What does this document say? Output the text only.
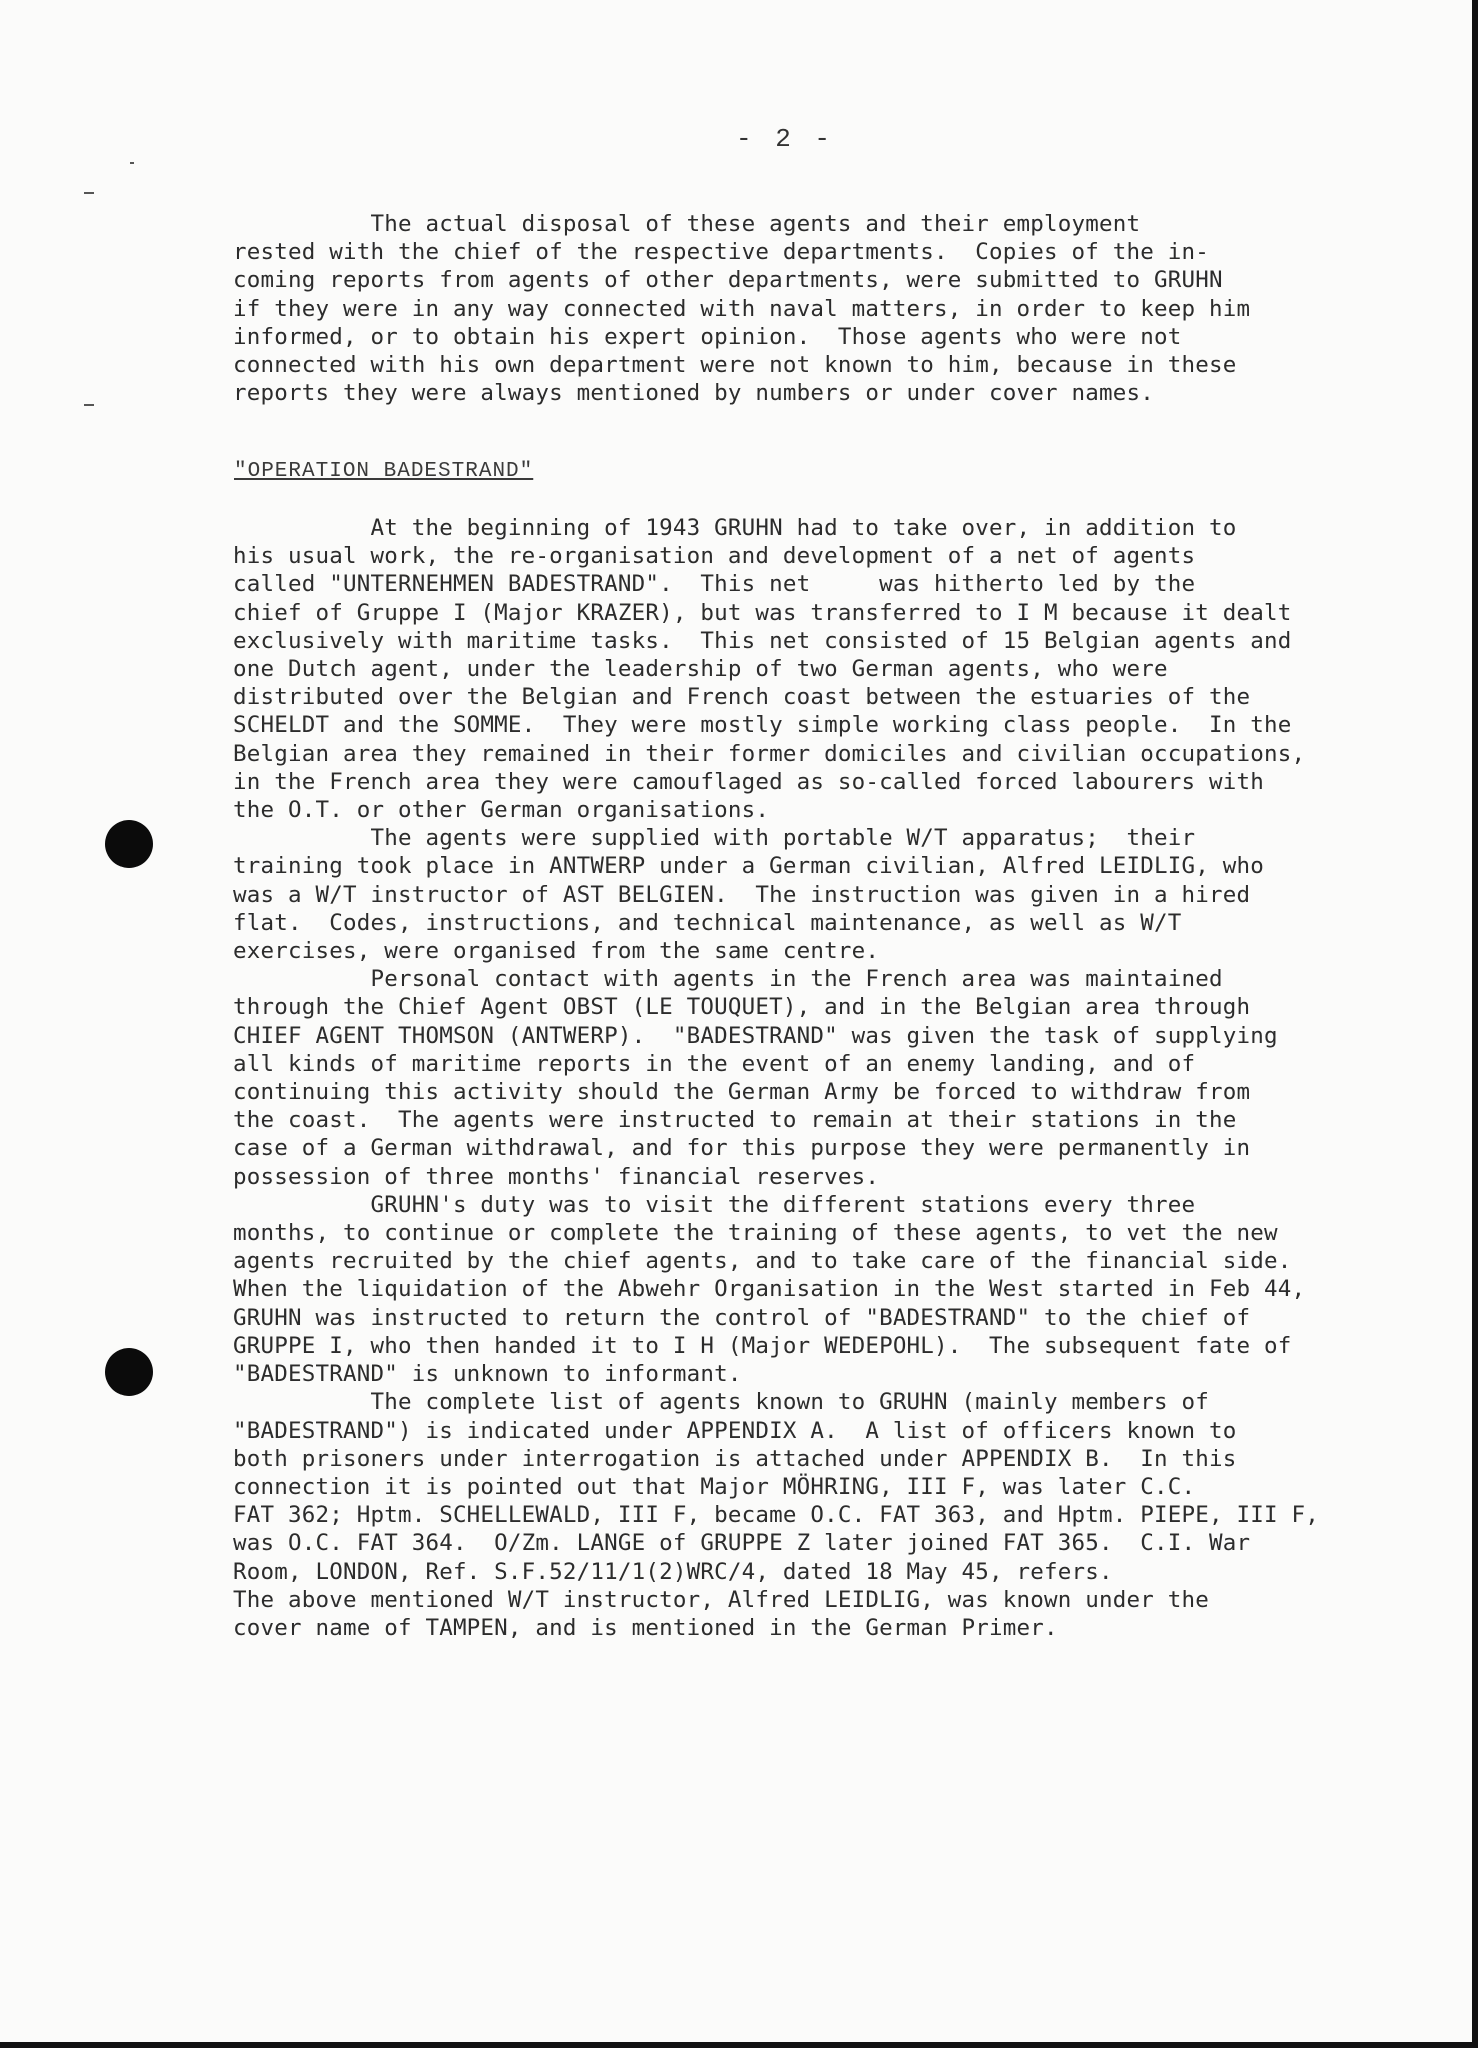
- 2 -
The actual disposal of these agents and their employment
rested with the chief of the respective departments.  Copies of the in-
coming reports from agents of other departments, were submitted to GRUHN
if they were in any way connected with naval matters, in order to keep him
informed, or to obtain his expert opinion.  Those agents who were not
connected with his own department were not known to him, because in these
reports they were always mentioned by numbers or under cover names.
"OPERATION BADESTRAND"
At the beginning of 1943 GRUHN had to take over, in addition to
his usual work, the re-organisation and development of a net of agents
called "UNTERNEHMEN BADESTRAND".  This net     was hitherto led by the
chief of Gruppe I (Major KRAZER), but was transferred to I M because it dealt
exclusively with maritime tasks.  This net consisted of 15 Belgian agents and
one Dutch agent, under the leadership of two German agents, who were
distributed over the Belgian and French coast between the estuaries of the
SCHELDT and the SOMME.  They were mostly simple working class people.  In the
Belgian area they remained in their former domiciles and civilian occupations,
in the French area they were camouflaged as so-called forced labourers with
the O.T. or other German organisations.
The agents were supplied with portable W/T apparatus;  their
training took place in ANTWERP under a German civilian, Alfred LEIDLIG, who
was a W/T instructor of AST BELGIEN.  The instruction was given in a hired
flat.  Codes, instructions, and technical maintenance, as well as W/T
exercises, were organised from the same centre.
Personal contact with agents in the French area was maintained
through the Chief Agent OBST (LE TOUQUET), and in the Belgian area through
CHIEF AGENT THOMSON (ANTWERP).  "BADESTRAND" was given the task of supplying
all kinds of maritime reports in the event of an enemy landing, and of
continuing this activity should the German Army be forced to withdraw from
the coast.  The agents were instructed to remain at their stations in the
case of a German withdrawal, and for this purpose they were permanently in
possession of three months' financial reserves.
GRUHN's duty was to visit the different stations every three
months, to continue or complete the training of these agents, to vet the new
agents recruited by the chief agents, and to take care of the financial side.
When the liquidation of the Abwehr Organisation in the West started in Feb 44,
GRUHN was instructed to return the control of "BADESTRAND" to the chief of
GRUPPE I, who then handed it to I H (Major WEDEPOHL).  The subsequent fate of
"BADESTRAND" is unknown to informant.
The complete list of agents known to GRUHN (mainly members of
"BADESTRAND") is indicated under APPENDIX A.  A list of officers known to
both prisoners under interrogation is attached under APPENDIX B.  In this
connection it is pointed out that Major MÖHRING, III F, was later C.C.
FAT 362; Hptm. SCHELLEWALD, III F, became O.C. FAT 363, and Hptm. PIEPE, III F,
was O.C. FAT 364.  O/Zm. LANGE of GRUPPE Z later joined FAT 365.  C.I. War
Room, LONDON, Ref. S.F.52/11/1(2)WRC/4, dated 18 May 45, refers.
The above mentioned W/T instructor, Alfred LEIDLIG, was known under the
cover name of TAMPEN, and is mentioned in the German Primer.
